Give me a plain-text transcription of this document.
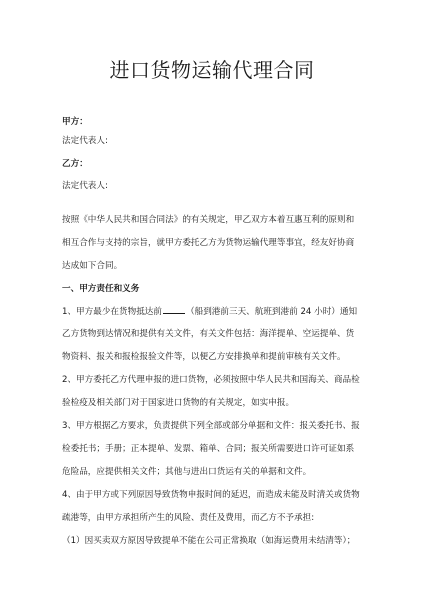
进口货物运输代理合同

甲方：

法定代表人:

乙方：

法定代表人:

按照《中华人民共和国合同法》的有关规定，甲乙双方本着互惠互利的原则和

相互合作与支持的宗旨，就甲方委托乙方为货物运输代理等事宜，经友好协商

达成如下合同。

一、甲方责任和义务

1、甲方最少在货物抵达前	（船到港前三天、航班到港前 24 小时）通知

乙方货物到达情况和提供有关文件，有关文件包括：海洋提单、空运提单、货

物资料、报关和报检报验文件等，以便乙方安排换单和提前审核有关文件。

2、甲方委托乙方代理申报的进口货物，必须按照中华人民共和国海关、商品检

验检疫及相关部门对于国家进口货物的有关规定，如实申报。

3、甲方根据乙方要求，负责提供下列全部或部分单据和文件：报关委托书、报

检委托书；手册；正本提单、发票、箱单、合同；报关所需要进口许可证如系

危险品，应提供相关文件；其他与进出口货运有关的单据和文件。

4、由于甲方或下列原因导致货物申报时间的延迟，而造成未能及时清关或货物

疏港等，由甲方承担所产生的风险、责任及费用，而乙方不予承担:

（1）因买卖双方原因导致提单不能在公司正常换取（如海运费用未结清等）；
